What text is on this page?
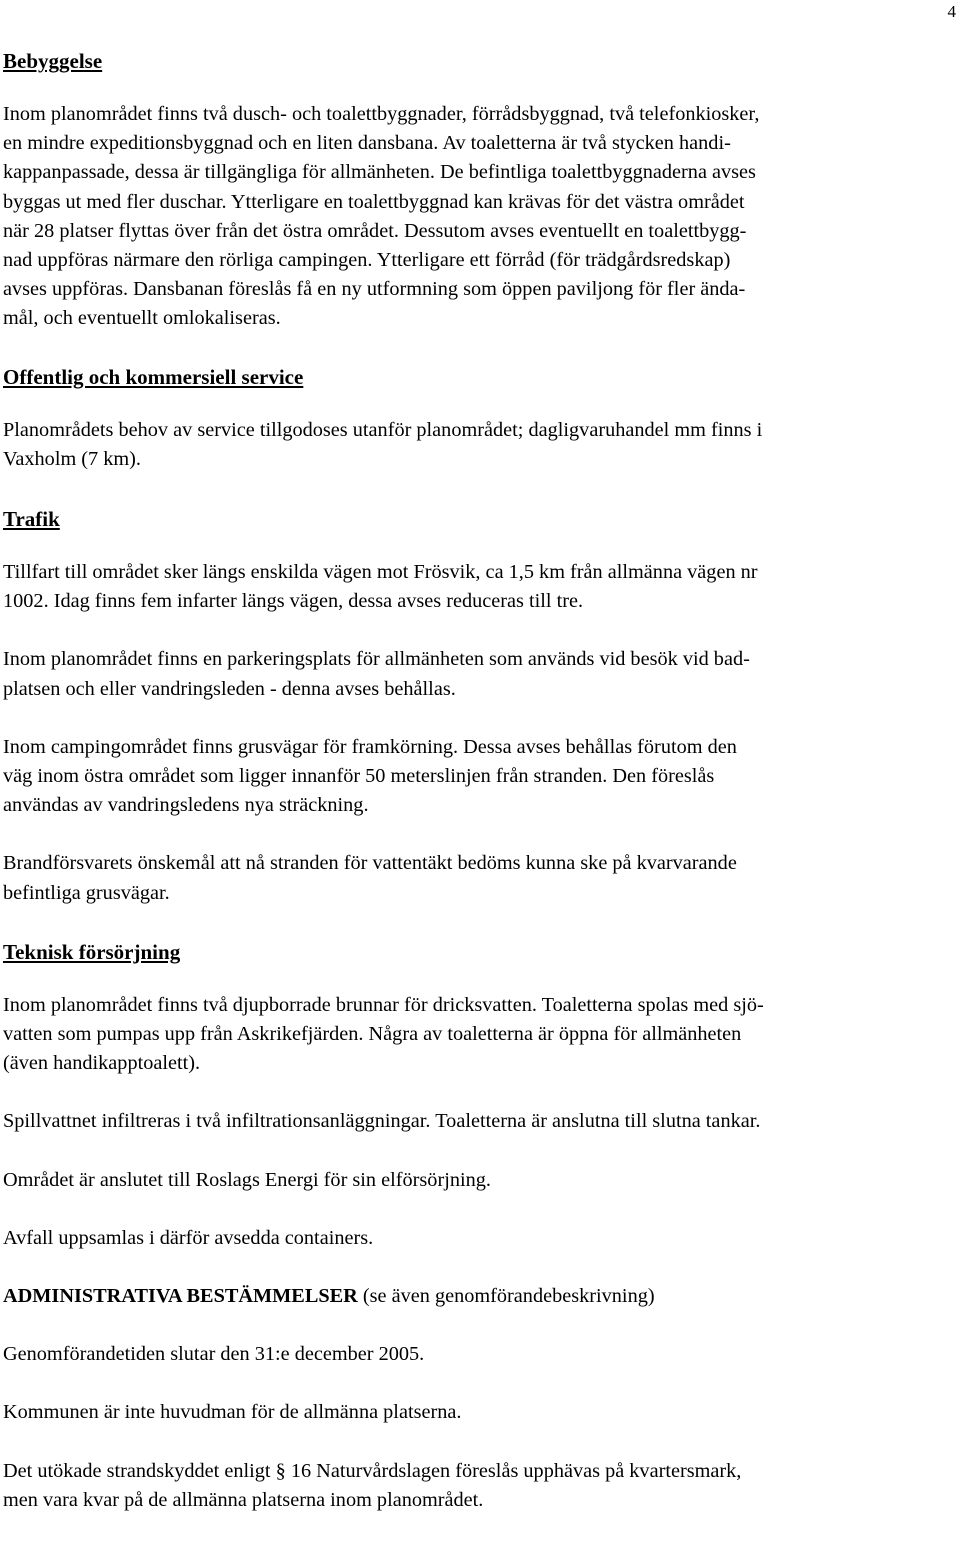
4
Bebyggelse
Inom planområdet finns två dusch- och toalettbyggnader, förrådsbyggnad, två telefonkiosker,
en mindre expeditionsbyggnad och en liten dansbana. Av toaletterna är två stycken handi-
kappanpassade, dessa är tillgängliga för allmänheten. De befintliga toalettbyggnaderna avses
byggas ut med fler duschar. Ytterligare en toalettbyggnad kan krävas för det västra området
när 28 platser flyttas över från det östra området. Dessutom avses eventuellt en toalettbygg-
nad uppföras närmare den rörliga campingen. Ytterligare ett förråd (för trädgårdsredskap)
avses uppföras. Dansbanan föreslås få en ny utformning som öppen paviljong för fler ända-
mål, och eventuellt omlokaliseras.
Offentlig och kommersiell service
Planområdets behov av service tillgodoses utanför planområdet; dagligvaruhandel mm finns i
Vaxholm (7 km).
Trafik
Tillfart till området sker längs enskilda vägen mot Frösvik, ca 1,5 km från allmänna vägen nr
1002. Idag finns fem infarter längs vägen, dessa avses reduceras till tre.
Inom planområdet finns en parkeringsplats för allmänheten som används vid besök vid bad-
platsen och eller vandringsleden - denna avses behållas.
Inom campingområdet finns grusvägar för framkörning. Dessa avses behållas förutom den
väg inom östra området som ligger innanför 50 meterslinjen från stranden. Den föreslås
användas av vandringsledens nya sträckning.
Brandförsvarets önskemål att nå stranden för vattentäkt bedöms kunna ske på kvarvarande
befintliga grusvägar.
Teknisk försörjning
Inom planområdet finns två djupborrade brunnar för dricksvatten. Toaletterna spolas med sjö-
vatten som pumpas upp från Askrikefjärden. Några av toaletterna är öppna för allmänheten
(även handikapptoalett).
Spillvattnet infiltreras i två infiltrationsanläggningar. Toaletterna är anslutna till slutna tankar.
Området är anslutet till Roslags Energi för sin elförsörjning.
Avfall uppsamlas i därför avsedda containers.
ADMINISTRATIVA BESTÄMMELSER (se även genomförandebeskrivning)
Genomförandetiden slutar den 31:e december 2005.
Kommunen är inte huvudman för de allmänna platserna.
Det utökade strandskyddet enligt § 16 Naturvårdslagen föreslås upphävas på kvartersmark,
men vara kvar på de allmänna platserna inom planområdet.
